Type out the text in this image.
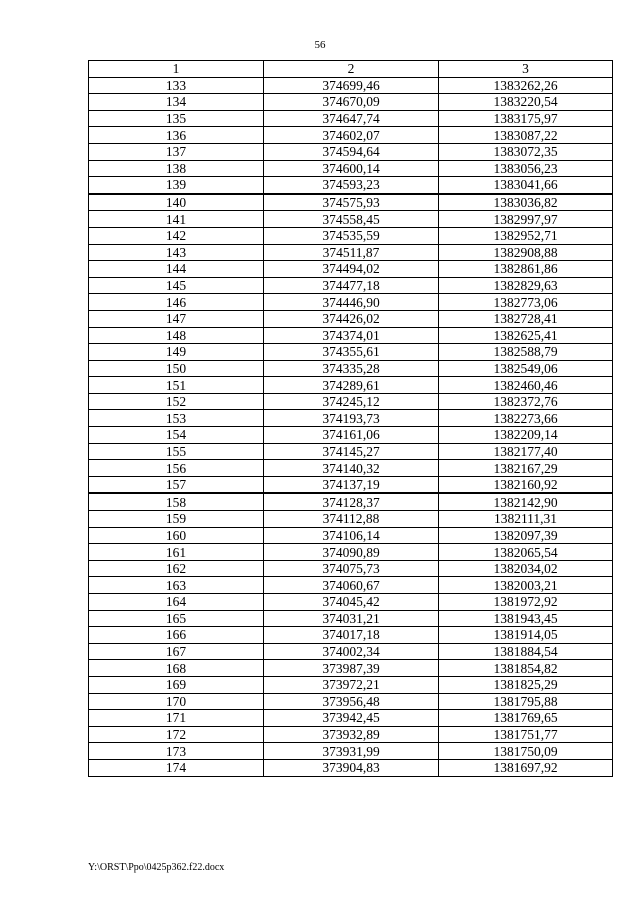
56
1	2	3
133	374699,46	1383262,26
134	374670,09	1383220,54
135	374647,74	1383175,97
136	374602,07	1383087,22
137	374594,64	1383072,35
138	374600,14	1383056,23
139	374593,23	1383041,66
140	374575,93	1383036,82
141	374558,45	1382997,97
142	374535,59	1382952,71
143	374511,87	1382908,88
144	374494,02	1382861,86
145	374477,18	1382829,63
146	374446,90	1382773,06
147	374426,02	1382728,41
148	374374,01	1382625,41
149	374355,61	1382588,79
150	374335,28	1382549,06
151	374289,61	1382460,46
152	374245,12	1382372,76
153	374193,73	1382273,66
154	374161,06	1382209,14
155	374145,27	1382177,40
156	374140,32	1382167,29
157	374137,19	1382160,92
158	374128,37	1382142,90
159	374112,88	1382111,31
160	374106,14	1382097,39
161	374090,89	1382065,54
162	374075,73	1382034,02
163	374060,67	1382003,21
164	374045,42	1381972,92
165	374031,21	1381943,45
166	374017,18	1381914,05
167	374002,34	1381884,54
168	373987,39	1381854,82
169	373972,21	1381825,29
170	373956,48	1381795,88
171	373942,45	1381769,65
172	373932,89	1381751,77
173	373931,99	1381750,09
174	373904,83	1381697,92
Y:\ORST\Ppo\0425p362.f22.docx
